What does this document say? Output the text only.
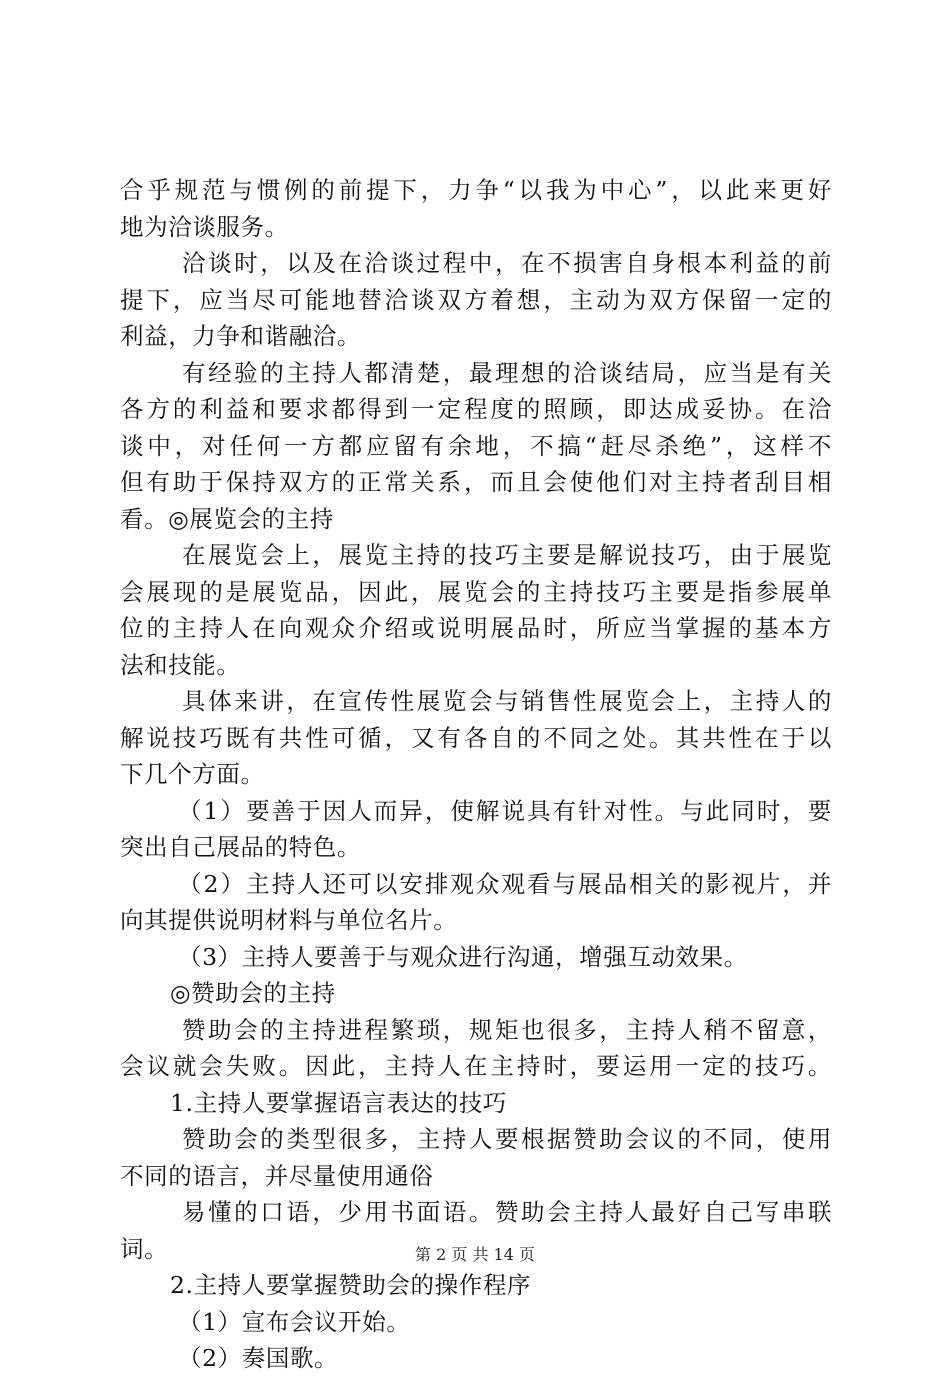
合乎规范与惯例的前提下，力争“以我为中心”，以此来更好
地为洽谈服务。
洽谈时，以及在洽谈过程中，在不损害自身根本利益的前
提下，应当尽可能地替洽谈双方着想，主动为双方保留一定的
利益，力争和谐融洽。
有经验的主持人都清楚，最理想的洽谈结局，应当是有关
各方的利益和要求都得到一定程度的照顾，即达成妥协。在洽
谈中，对任何一方都应留有余地，不搞“赶尽杀绝”，这样不
但有助于保持双方的正常关系，而且会使他们对主持者刮目相
看。◎展览会的主持
在展览会上，展览主持的技巧主要是解说技巧，由于展览
会展现的是展览品，因此，展览会的主持技巧主要是指参展单
位的主持人在向观众介绍或说明展品时，所应当掌握的基本方
法和技能。
具体来讲，在宣传性展览会与销售性展览会上，主持人的
解说技巧既有共性可循，又有各自的不同之处。其共性在于以
下几个方面。
（1）要善于因人而异，使解说具有针对性。与此同时，要
突出自己展品的特色。
（2）主持人还可以安排观众观看与展品相关的影视片，并
向其提供说明材料与单位名片。
（3）主持人要善于与观众进行沟通，增强互动效果。
◎赞助会的主持
赞助会的主持进程繁琐，规矩也很多，主持人稍不留意，
会议就会失败。因此，主持人在主持时，要运用一定的技巧。
1.主持人要掌握语言表达的技巧
赞助会的类型很多，主持人要根据赞助会议的不同，使用
不同的语言，并尽量使用通俗
易懂的口语，少用书面语。赞助会主持人最好自己写串联
词。
2.主持人要掌握赞助会的操作程序
（1）宣布会议开始。
（2）奏国歌。
第 2 页 共 14 页
